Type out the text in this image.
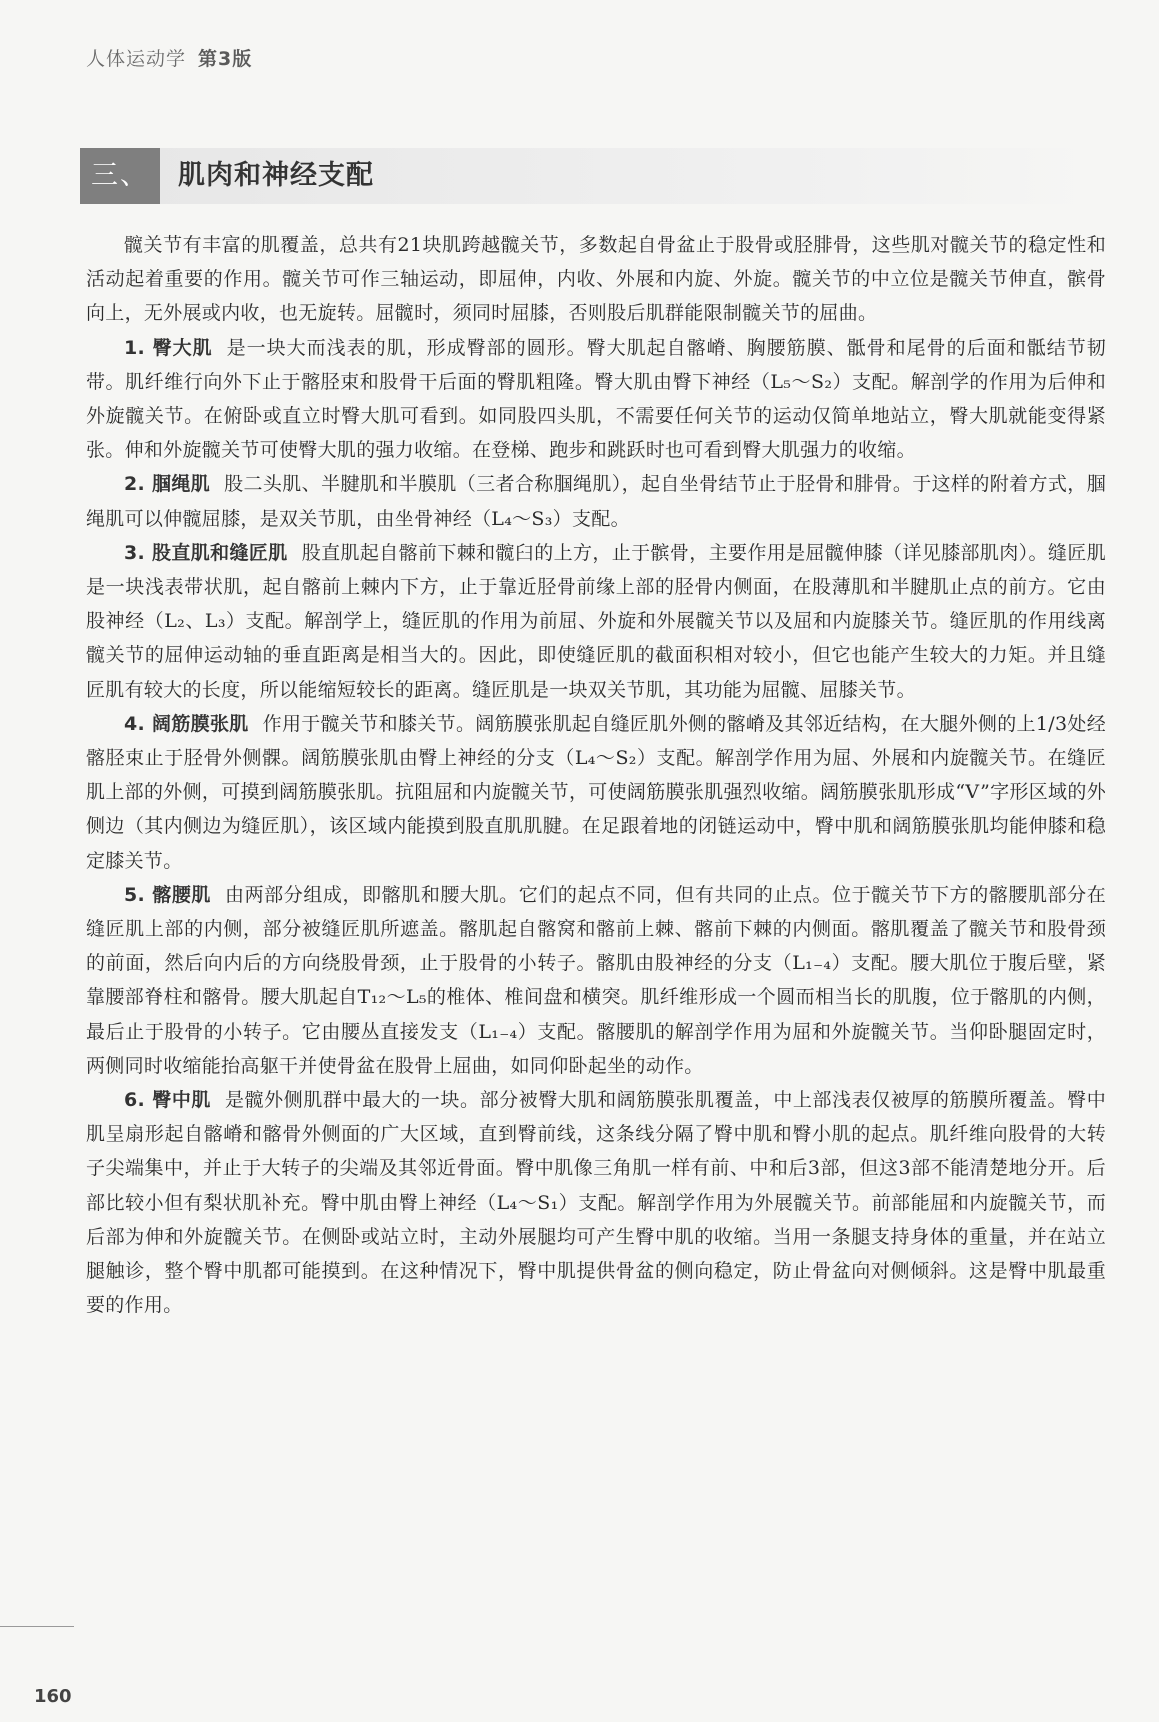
人体运动学 第3版
三、	肌肉和神经支配

髋关节有丰富的肌覆盖，总共有21块肌跨越髋关节，多数起自骨盆止于股骨或胫腓骨，这些肌对髋关节的稳定性和活动起着重要的作用。髋关节可作三轴运动，即屈伸，内收、外展和内旋、外旋。髋关节的中立位是髋关节伸直，髌骨向上，无外展或内收，也无旋转。屈髋时，须同时屈膝，否则股后肌群能限制髋关节的屈曲。

1. 臀大肌 是一块大而浅表的肌，形成臀部的圆形。臀大肌起自髂嵴、胸腰筋膜、骶骨和尾骨的后面和骶结节韧带。肌纤维行向外下止于髂胫束和股骨干后面的臀肌粗隆。臀大肌由臀下神经（L₅～S₂）支配。解剖学的作用为后伸和外旋髋关节。在俯卧或直立时臀大肌可看到。如同股四头肌，不需要任何关节的运动仅简单地站立，臀大肌就能变得紧张。伸和外旋髋关节可使臀大肌的强力收缩。在登梯、跑步和跳跃时也可看到臀大肌强力的收缩。

2. 腘绳肌 股二头肌、半腱肌和半膜肌（三者合称腘绳肌），起自坐骨结节止于胫骨和腓骨。于这样的附着方式，腘绳肌可以伸髋屈膝，是双关节肌，由坐骨神经（L₄～S₃）支配。

3. 股直肌和缝匠肌 股直肌起自髂前下棘和髋臼的上方，止于髌骨，主要作用是屈髋伸膝（详见膝部肌肉）。缝匠肌是一块浅表带状肌，起自髂前上棘内下方，止于靠近胫骨前缘上部的胫骨内侧面，在股薄肌和半腱肌止点的前方。它由股神经（L₂、L₃）支配。解剖学上，缝匠肌的作用为前屈、外旋和外展髋关节以及屈和内旋膝关节。缝匠肌的作用线离髋关节的屈伸运动轴的垂直距离是相当大的。因此，即使缝匠肌的截面积相对较小，但它也能产生较大的力矩。并且缝匠肌有较大的长度，所以能缩短较长的距离。缝匠肌是一块双关节肌，其功能为屈髋、屈膝关节。

4. 阔筋膜张肌 作用于髋关节和膝关节。阔筋膜张肌起自缝匠肌外侧的髂嵴及其邻近结构，在大腿外侧的上1/3处经髂胫束止于胫骨外侧髁。阔筋膜张肌由臀上神经的分支（L₄～S₂）支配。解剖学作用为屈、外展和内旋髋关节。在缝匠肌上部的外侧，可摸到阔筋膜张肌。抗阻屈和内旋髋关节，可使阔筋膜张肌强烈收缩。阔筋膜张肌形成“V”字形区域的外侧边（其内侧边为缝匠肌），该区域内能摸到股直肌肌腱。在足跟着地的闭链运动中，臀中肌和阔筋膜张肌均能伸膝和稳定膝关节。

5. 髂腰肌 由两部分组成，即髂肌和腰大肌。它们的起点不同，但有共同的止点。位于髋关节下方的髂腰肌部分在缝匠肌上部的内侧，部分被缝匠肌所遮盖。髂肌起自髂窝和髂前上棘、髂前下棘的内侧面。髂肌覆盖了髋关节和股骨颈的前面，然后向内后的方向绕股骨颈，止于股骨的小转子。髂肌由股神经的分支（L₁₋₄）支配。腰大肌位于腹后壁，紧靠腰部脊柱和髂骨。腰大肌起自T₁₂～L₅的椎体、椎间盘和横突。肌纤维形成一个圆而相当长的肌腹，位于髂肌的内侧，最后止于股骨的小转子。它由腰丛直接发支（L₁₋₄）支配。髂腰肌的解剖学作用为屈和外旋髋关节。当仰卧腿固定时，两侧同时收缩能抬高躯干并使骨盆在股骨上屈曲，如同仰卧起坐的动作。

6. 臀中肌 是髋外侧肌群中最大的一块。部分被臀大肌和阔筋膜张肌覆盖，中上部浅表仅被厚的筋膜所覆盖。臀中肌呈扇形起自髂嵴和髂骨外侧面的广大区域，直到臀前线，这条线分隔了臀中肌和臀小肌的起点。肌纤维向股骨的大转子尖端集中，并止于大转子的尖端及其邻近骨面。臀中肌像三角肌一样有前、中和后3部，但这3部不能清楚地分开。后部比较小但有梨状肌补充。臀中肌由臀上神经（L₄～S₁）支配。解剖学作用为外展髋关节。前部能屈和内旋髋关节，而后部为伸和外旋髋关节。在侧卧或站立时，主动外展腿均可产生臀中肌的收缩。当用一条腿支持身体的重量，并在站立腿触诊，整个臀中肌都可能摸到。在这种情况下，臀中肌提供骨盆的侧向稳定，防止骨盆向对侧倾斜。这是臀中肌最重要的作用。

160
